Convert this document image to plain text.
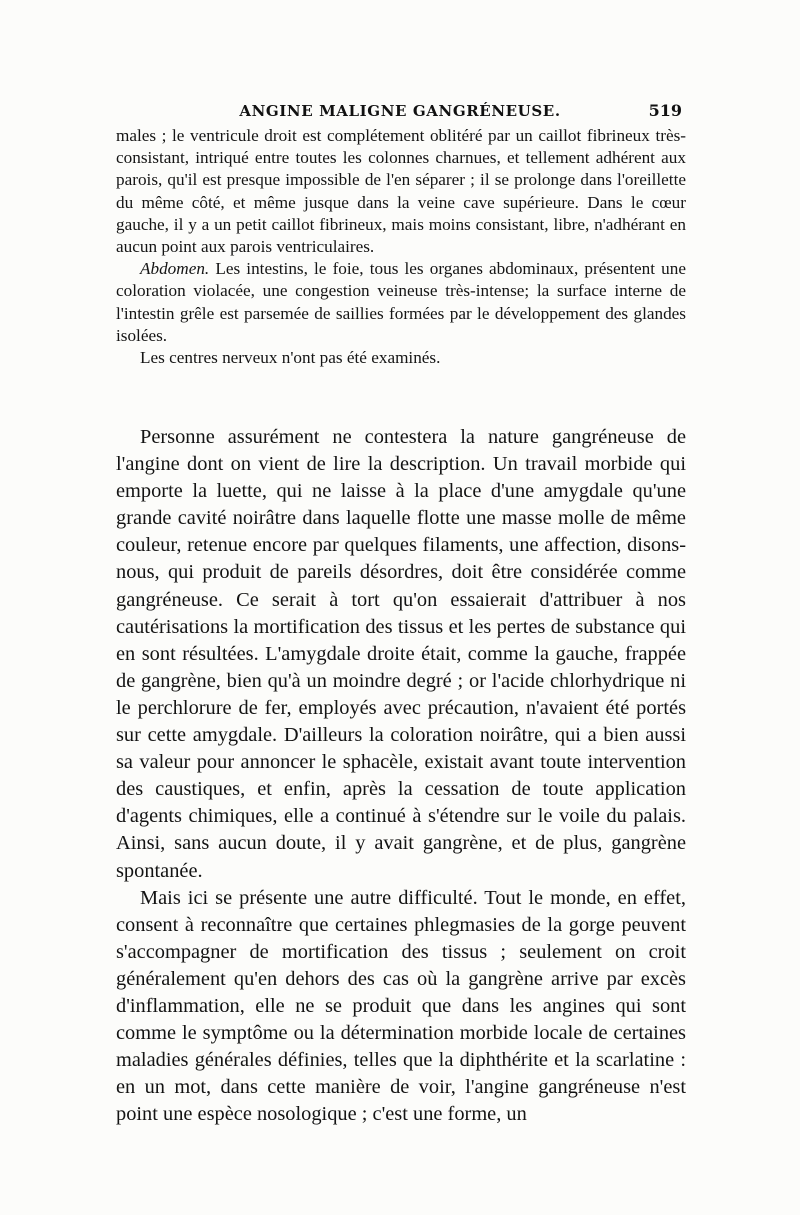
ANGINE MALIGNE GANGRÉNEUSE.	519

males ; le ventricule droit est complétement oblitéré par un caillot fibrineux très-consistant, intriqué entre toutes les colonnes charnues, et tellement adhérent aux parois, qu'il est presque impossible de l'en séparer ; il se prolonge dans l'oreillette du même côté, et même jusque dans la veine cave supérieure. Dans le cœur gauche, il y a un petit caillot fibrineux, mais moins consistant, libre, n'adhérant en aucun point aux parois ventriculaires.

Abdomen. Les intestins, le foie, tous les organes abdominaux, présentent une coloration violacée, une congestion veineuse très-intense; la surface interne de l'intestin grêle est parsemée de saillies formées par le développement des glandes isolées.

Les centres nerveux n'ont pas été examinés.

Personne assurément ne contestera la nature gangréneuse de l'angine dont on vient de lire la description. Un travail morbide qui emporte la luette, qui ne laisse à la place d'une amygdale qu'une grande cavité noirâtre dans laquelle flotte une masse molle de même couleur, retenue encore par quelques filaments, une affection, disons-nous, qui produit de pareils désordres, doit être considérée comme gangréneuse. Ce serait à tort qu'on essaierait d'attribuer à nos cautérisations la mortification des tissus et les pertes de substance qui en sont résultées. L'amygdale droite était, comme la gauche, frappée de gangrène, bien qu'à un moindre degré ; or l'acide chlorhydrique ni le perchlorure de fer, employés avec précaution, n'avaient été portés sur cette amygdale. D'ailleurs la coloration noirâtre, qui a bien aussi sa valeur pour annoncer le sphacèle, existait avant toute intervention des caustiques, et enfin, après la cessation de toute application d'agents chimiques, elle a continué à s'étendre sur le voile du palais. Ainsi, sans aucun doute, il y avait gangrène, et de plus, gangrène spontanée.

Mais ici se présente une autre difficulté. Tout le monde, en effet, consent à reconnaître que certaines phlegmasies de la gorge peuvent s'accompagner de mortification des tissus ; seulement on croit généralement qu'en dehors des cas où la gangrène arrive par excès d'inflammation, elle ne se produit que dans les angines qui sont comme le symptôme ou la détermination morbide locale de certaines maladies générales définies, telles que la diphthérite et la scarlatine : en un mot, dans cette manière de voir, l'angine gangréneuse n'est point une espèce nosologique ; c'est une forme, un
